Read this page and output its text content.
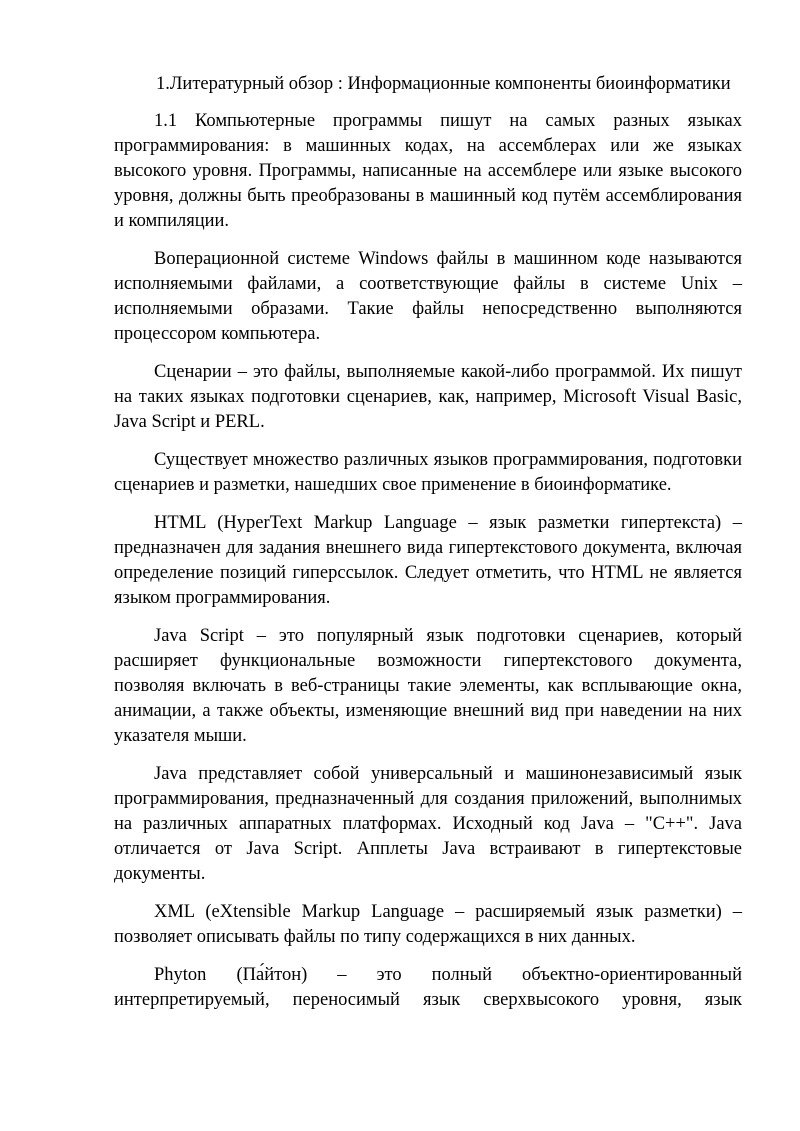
1.Литературный обзор : Информационные компоненты биоинформатики

1.1 Компьютерные программы пишут на самых разных языках программирования: в машинных кодах, на ассемблерах или же языках высокого уровня. Программы, написанные на ассемблере или языке высокого уровня, должны быть преобразованы в машинный код путём ассемблирования и компиляции.

Воперационной системе Windows файлы в машинном коде называются исполняемыми файлами, а соответствующие файлы в системе Unix – исполняемыми образами. Такие файлы непосредственно выполняются процессором компьютера.

Сценарии – это файлы, выполняемые какой-либо программой. Их пишут на таких языках подготовки сценариев, как, например, Microsoft Visual Basic, Java Script и PERL.

Существует множество различных языков программирования, подготовки сценариев и разметки, нашедших свое применение в биоинформатике.

HTML (HyperText Markup Language – язык разметки гипертекста) – предназначен для задания внешнего вида гипертекстового документа, включая определение позиций гиперссылок. Следует отметить, что HTML не является языком программирования.

Java Script – это популярный язык подготовки сценариев, который расширяет функциональные возможности гипертекстового документа, позволяя включать в веб-страницы такие элементы, как всплывающие окна, анимации, а также объекты, изменяющие внешний вид при наведении на них указателя мыши.

Java представляет собой универсальный и машинонезависимый язык программирования, предназначенный для создания приложений, выполнимых на различных аппаратных платформах. Исходный код Java – "C++". Java отличается от Java Script. Апплеты Java встраивают в гипертекстовые документы.

XML (eXtensible Markup Language – расширяемый язык разметки) – позволяет описывать файлы по типу содержащихся в них данных.

Phyton (Па́йтон) – это полный объектно-ориентированный интерпретируемый, переносимый язык сверхвысокого уровня, язык
